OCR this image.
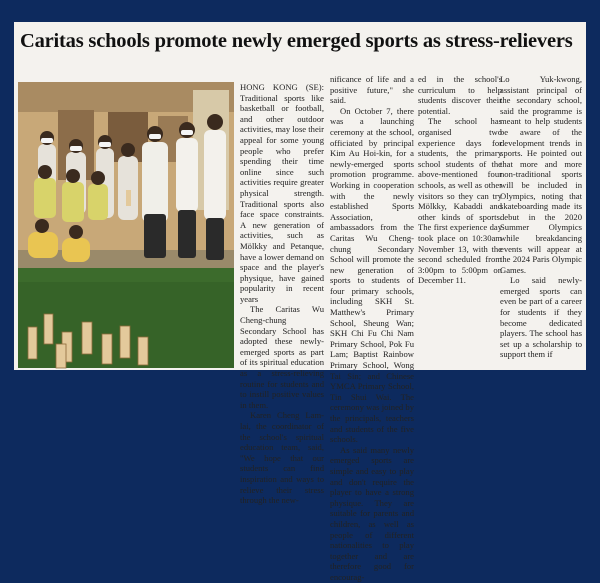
Caritas schools promote newly emerged sports as stress-relievers

HONG KONG (SE): Traditional sports like basketball or football, and other outdoor activities, may lose their appeal for some young people who prefer spending their time online since such activities require greater physical strength. Traditional sports also face space constraints. A new generation of activities, such as Mölkky and Petanque, have a lower demand on space and the player's physique, have gained popularity in recent years

The Caritas Wu Cheng-chung Secondary School has adopted these newly-emerged sports as part of its spiritual education as a stress-relieving routine for students and to instill positive values in them.

Karen Cheng Lam-lai, the coordinator of the school's spiritual education team, said, "We hope that our students can find inspiration and ways to relieve their stress through the new-

nificance of life and a positive future," she said.

On October 7, there was a launching ceremony at the school, officiated by principal Kim Au Hoi-kin, for a newly-emerged sports promotion programme. Working in cooperation with the newly established Sports Association, ambassadors from the Caritas Wu Cheng-chung Secondary School will promote the new generation of sports to students of four primary schools, including SKH St. Matthew's Primary School, Sheung Wan; SKH Chi Fu Chi Nam Primary School, Pok Fu Lam; Baptist Rainbow Primary School, Wong Tai Sin; and Chinese YMCA Primary School, Tin Shui Wai. The ceremony was joined by the principals, teachers and students of the five schools.

As said many newly emerged sports are simple and easy to play and don't require the player to have a strong physique. They are suitable for parents and children, as well as people of different nationalities to play together and are therefore good for encourag-

ed in the school's curriculum to help students discover their potential.

The school has organised two experience days for students, the primary school students of the above-mentioned four schools, as well as other visitors so they can try Mölkky, Kabaddi and other kinds of sports. The first experience day took place on 10:30am November 13, with the second scheduled from 3:00pm to 5:00pm on December 11.

Lo Yuk-kwong, assistant principal of the secondary school, said the programme is meant to help students be aware of the development trends in sports. He pointed out that more and more non-traditional sports will be included in Olympics, noting that skateboarding made its debut in the 2020 Summer Olympics while breakdancing events will appear at the 2024 Paris Olympic Games.

Lo said newly-emerged sports can even be part of a career for students if they become dedicated players. The school has set up a scholarship to support them if
